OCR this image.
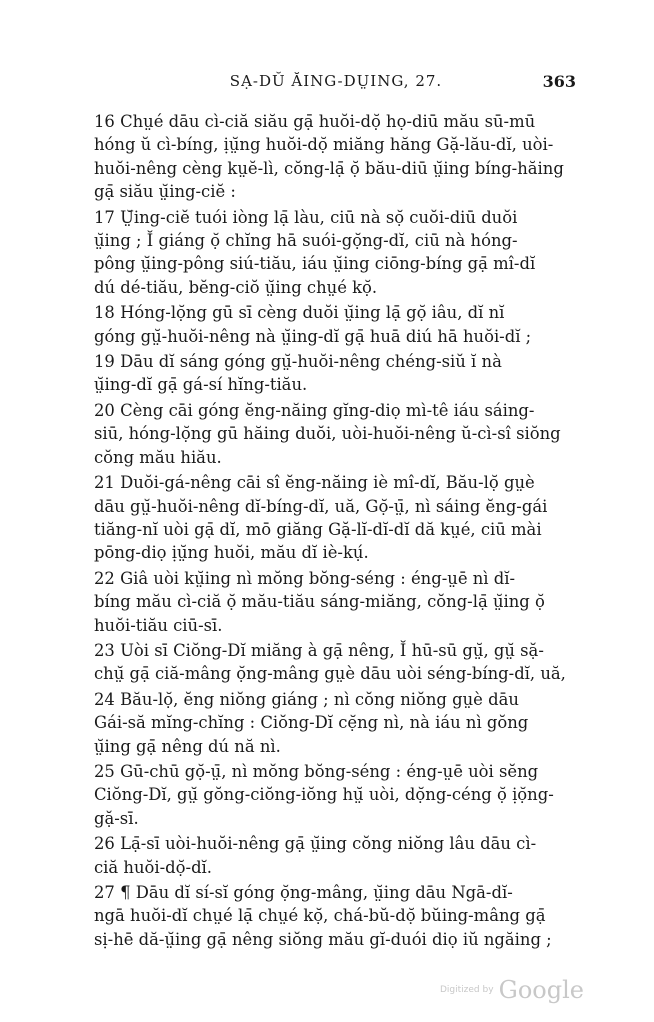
SẠ-DŬ ĂING-DṲING, 27.	363
16 Chṳé dāu cì-ciă siău gạ̄ huŏi-dọ̆ họ-diū mău sū-mū
hóng ŭ cì-bíng, ịṳ̆ng huŏi-dọ̆ miăng hăng Gặ-lău-dĭ, uòi-
huŏi-nêng cèng kṳĕ-lì, cŏng-lạ̄ ọ̆ bău-diū ṳ̆ing bíng-hăing
gạ̄ siău ṳ̆ing-ciĕ :
17 Ṳ̆ing-ciĕ tuói iòng lạ̄ làu, ciū nà sọ̆ cuŏi-diū duŏi
ṳ̆ing ; Ĭ giáng ọ̆ chĭng hā suói-gọ̆ng-dĭ, ciū nà hóng-
pông ṳ̆ing-pông siú-tiău, iáu ṳ̆ing ciōng-bíng gạ̄ mî-dĭ
dú dé-tiău, bĕng-ciŏ ṳ̆ing chṳé kọ̆.
18 Hóng-lọ̆ng gū sī cèng duŏi ṳ̆ing lạ̄ gọ̆ iâu, dĭ nĭ
góng gṳ̆-huŏi-nêng nà ṳ̆ing-dĭ gạ̄ huā diú hā huŏi-dĭ ;
19 Dāu dĭ sáng góng gṳ̆-huŏi-nêng chéng-siŭ ĭ nà
ṳ̆ing-dĭ gạ̄ gá-sí hĭng-tiău.
20 Cèng cāi góng ĕng-năing gĭng-diọ mì-tê iáu sáing-
siū, hóng-lọ̆ng gū hăing duŏi, uòi-huŏi-nêng ŭ-cì-sî siŏng
cŏng mău hiău.
21 Duŏi-gá-nêng cāi sî ĕng-năing iè mî-dĭ, Bău-lọ̆ gṳè
dāu gṳ̆-huŏi-nêng dĭ-bíng-dĭ, uă, Gọ̆-ṳ̄, nì sáing ĕng-gái
tiăng-nĭ uòi gạ̄ dĭ, mō giăng Gặ-lĭ-dĭ-dĭ dă kṳé, ciū mài
pōng-diọ ịṳ̆ng huŏi, mău dĭ iè-kụ́.
22 Giâ uòi kṳ̆ing nì mŏng bŏng-séng : éng-ṳē nì dĭ-
bíng mău cì-ciă ọ̆ mău-tiău sáng-miăng, cŏng-lạ̄ ṳ̆ing ọ̆
huŏi-tiău ciū-sī.
23 Uòi sī Ciŏng-Dĭ miăng à gạ̄ nêng, Ĭ hū-sū gṳ̆, gṳ̆ sặ-
chṳ̆ gạ̄ ciă-mâng ọ̆ng-mâng gṳè dāu uòi séng-bíng-dĭ, uă,
24 Bău-lọ̆, ĕng niŏng giáng ; nì cŏng niŏng gṳè dāu
Gái-să mĭng-chĭng : Ciŏng-Dĭ cẹ̆ng nì, nà iáu nì gŏng
ṳ̆ing gạ̄ nêng dú nă nì.
25 Gū-chū gọ̆-ṳ̄, nì mŏng bŏng-séng : éng-ṳē uòi sĕng
Ciŏng-Dĭ, gṳ̆ gŏng-ciŏng-iŏng hṳ̆ uòi, dọ̆ng-céng ọ̆ ịọ̆ng-
gặ-sī.
26 Lạ̄-sī uòi-huŏi-nêng gạ̄ ṳ̆ing cŏng niŏng lâu dāu cì-
ciă huŏi-dọ̆-dĭ.
27 ¶ Dāu dĭ sí-sĭ góng ọ̆ng-mâng, ṳ̆ing dāu Ngā-dĭ-
ngā huŏi-dĭ chṳé lạ̄ chṳé kọ̆, chá-bŭ-dọ̆ bŭing-mâng gạ̄
sị-hē dă-ṳ̆ing gạ̄ nêng siŏng mău gĭ-duói diọ iŭ ngăing ;
Digitized by Google
